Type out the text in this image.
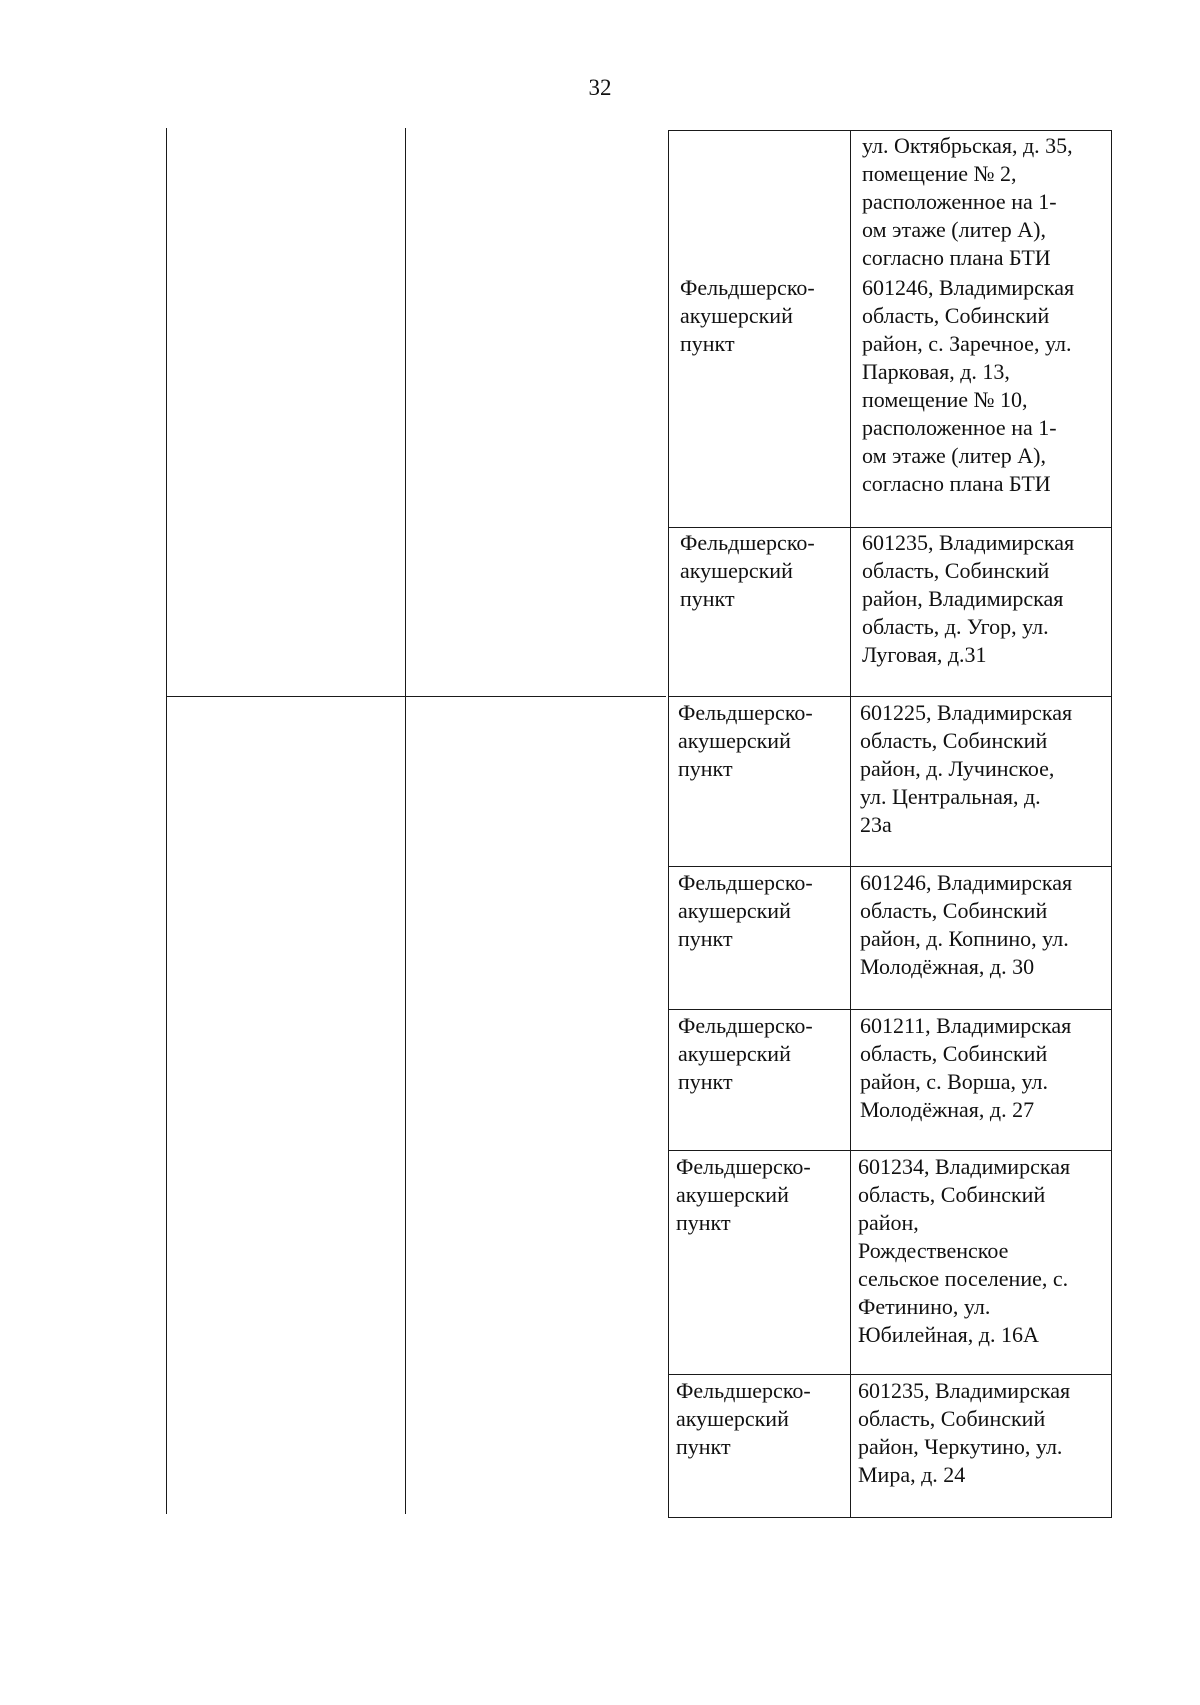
32
ул. Октябрьская, д. 35,
помещение № 2,
расположенное на 1-
ом этаже (литер А),
согласно плана БТИ
Фельдшерско-
акушерский
пункт
601246, Владимирская
область, Собинский
район, с. Заречное, ул.
Парковая, д. 13,
помещение № 10,
расположенное на 1-
ом этаже (литер А),
согласно плана БТИ
Фельдшерско-
акушерский
пункт
601235, Владимирская
область, Собинский
район, Владимирская
область, д. Угор, ул.
Луговая, д.31
Фельдшерско-
акушерский
пункт
601225, Владимирская
область, Собинский
район, д. Лучинское,
ул. Центральная, д.
23а
Фельдшерско-
акушерский
пункт
601246, Владимирская
область, Собинский
район, д. Копнино, ул.
Молодёжная, д. 30
Фельдшерско-
акушерский
пункт
601211, Владимирская
область, Собинский
район, с. Ворша, ул.
Молодёжная, д. 27
Фельдшерско-
акушерский
пункт
601234, Владимирская
область, Собинский
район,
Рождественское
сельское поселение, с.
Фетинино, ул.
Юбилейная, д. 16А
Фельдшерско-
акушерский
пункт
601235, Владимирская
область, Собинский
район, Черкутино, ул.
Мира, д. 24
